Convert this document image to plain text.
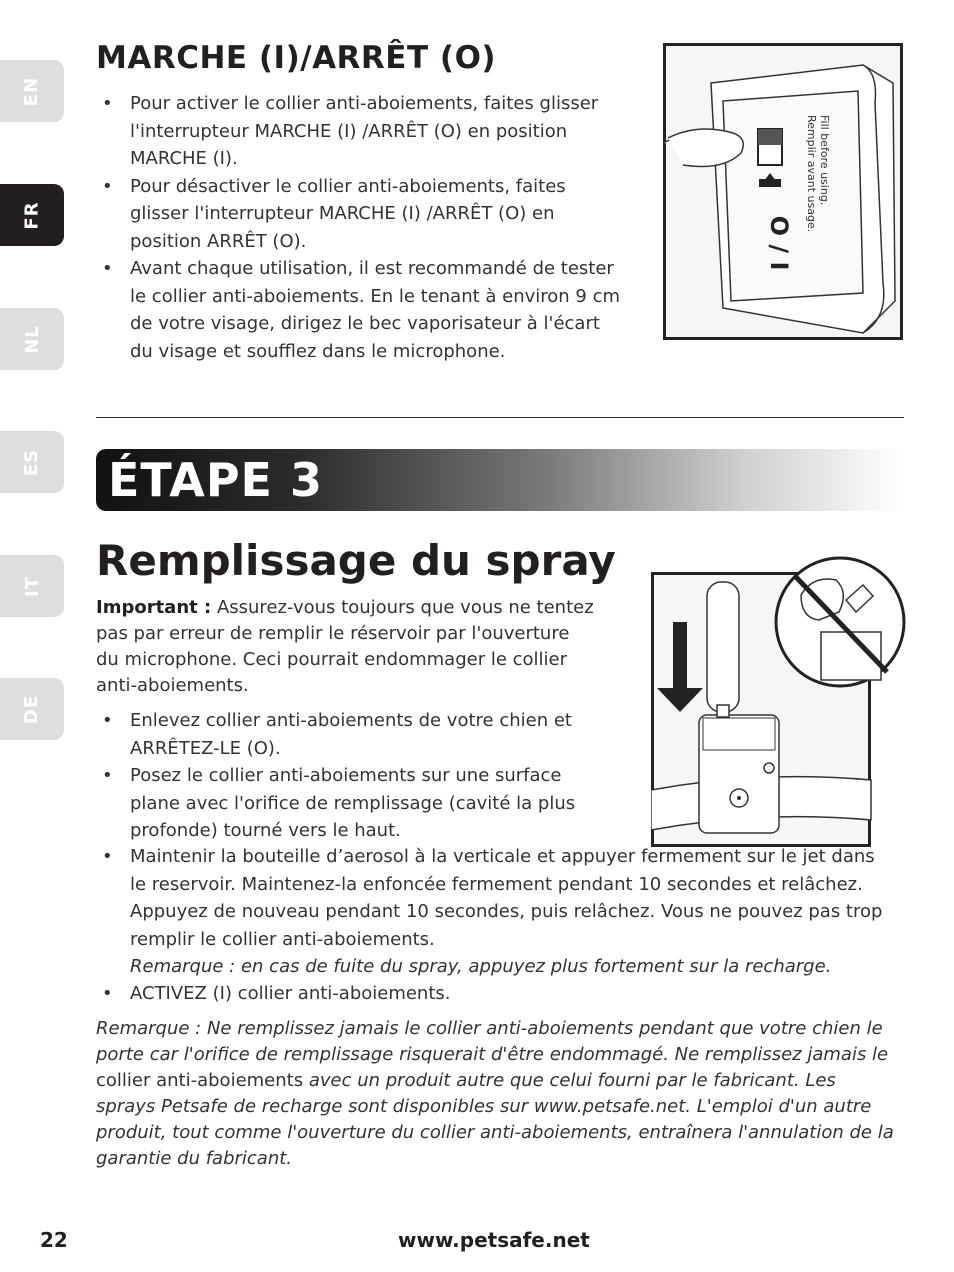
EN
FR
NL
ES
IT
DE
MARCHE (I)/ARRÊT (O)
• Pour activer le collier anti-aboiements, faites glisser l'interrupteur MARCHE (I) /ARRÊT (O) en position MARCHE (I).
• Pour désactiver le collier anti-aboiements, faites glisser l'interrupteur MARCHE (I) /ARRÊT (O) en position ARRÊT (O).
• Avant chaque utilisation, il est recommandé de tester le collier anti-aboiements. En le tenant à environ 9 cm de votre visage, dirigez le bec vaporisateur à l'écart du visage et soufflez dans le microphone.
O / I
Fill before using.
Remplir avant usage.
ÉTAPE 3
Remplissage du spray

Important : Assurez-vous toujours que vous ne tentez pas par erreur de remplir le réservoir par l'ouverture du microphone. Ceci pourrait endommager le collier anti-aboiements.

• Enlevez collier anti-aboiements de votre chien et ARRÊTEZ-LE (O).
• Posez le collier anti-aboiements sur une surface plane avec l'orifice de remplissage (cavité la plus profonde) tourné vers le haut.
• Maintenir la bouteille d’aerosol à la verticale et appuyer fermement sur le jet dans le reservoir. Maintenez-la enfoncée fermement pendant 10 secondes et relâchez. Appuyez de nouveau pendant 10 secondes, puis relâchez. Vous ne pouvez pas trop remplir le collier anti-aboiements.
Remarque : en cas de fuite du spray, appuyez plus fortement sur la recharge.
• ACTIVEZ (I) collier anti-aboiements.

Remarque : Ne remplissez jamais le collier anti-aboiements pendant que votre chien le porte car l'orifice de remplissage risquerait d'être endommagé. Ne remplissez jamais le collier anti-aboiements avec un produit autre que celui fourni par le fabricant. Les sprays Petsafe de recharge sont disponibles sur www.petsafe.net. L'emploi d'un autre produit, tout comme l'ouverture du collier anti-aboiements, entraînera l'annulation de la garantie du fabricant.

22	www.petsafe.net
